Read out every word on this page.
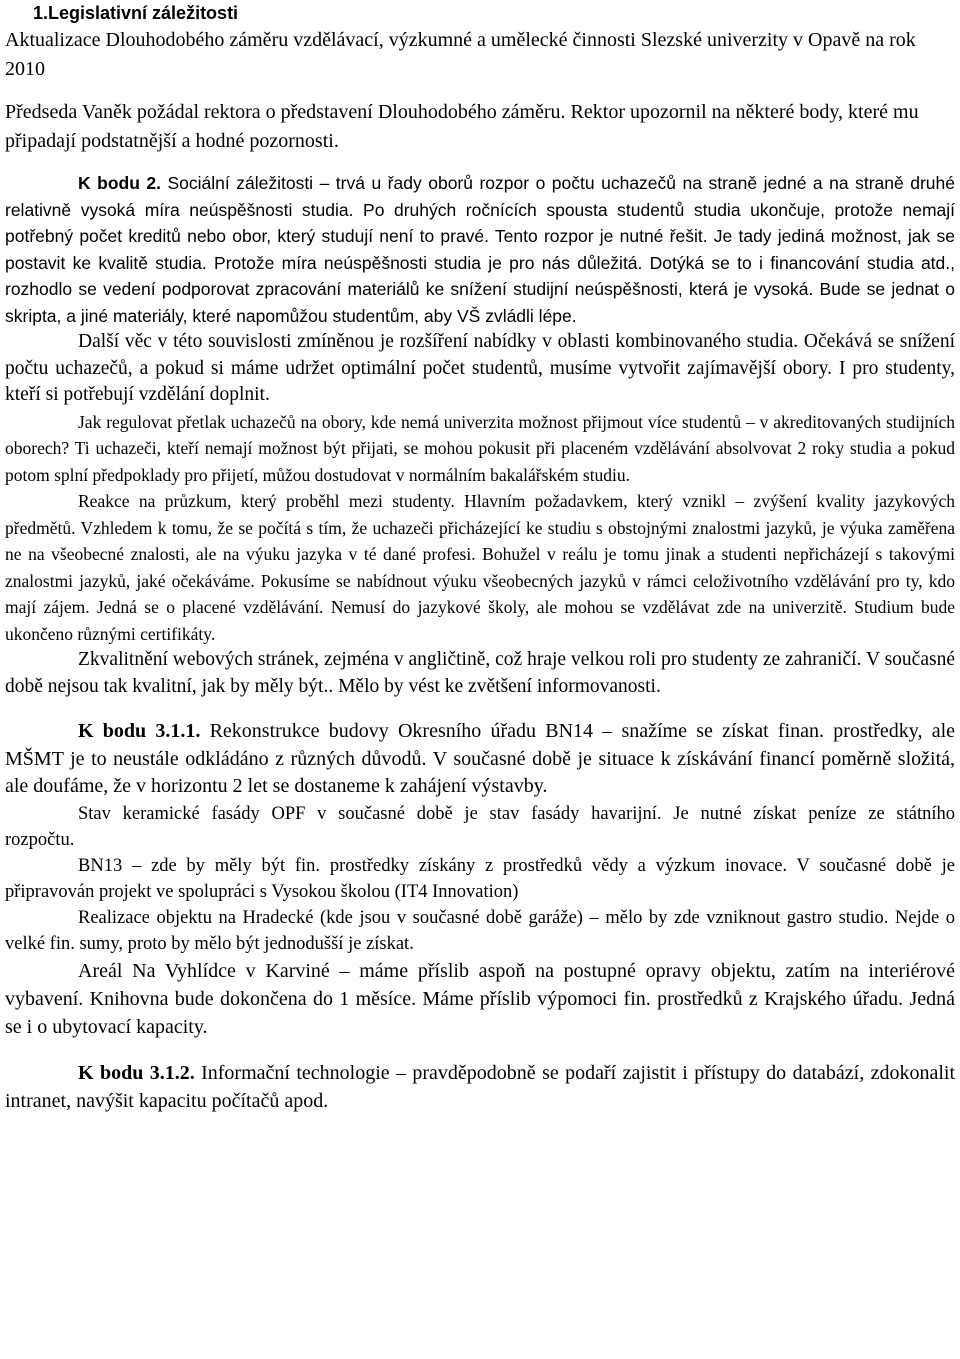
1.Legislativní záležitosti

Aktualizace Dlouhodobého záměru vzdělávací, výzkumné a umělecké činnosti Slezské univerzity v Opavě na rok 2010

Předseda Vaněk požádal rektora o představení Dlouhodobého záměru. Rektor upozornil na některé body, které mu připadají podstatnější a hodné pozornosti.

K bodu 2. Sociální záležitosti – trvá u řady oborů rozpor o počtu uchazečů na straně jedné a na straně druhé relativně vysoká míra neúspěšnosti studia. Po druhých ročnících spousta studentů studia ukončuje, protože nemají potřebný počet kreditů nebo obor, který studují není to pravé. Tento rozpor je nutné řešit. Je tady jediná možnost, jak se postavit ke kvalitě studia. Protože míra neúspěšnosti studia je pro nás důležitá. Dotýká se to i financování studia atd., rozhodlo se vedení podporovat zpracování materiálů ke snížení studijní neúspěšnosti, která je vysoká. Bude se jednat o skripta, a jiné materiály, které napomůžou studentům, aby VŠ zvládli lépe.

Další věc v této souvislosti zmíněnou je rozšíření nabídky v oblasti kombinovaného studia. Očekává se snížení počtu uchazečů, a pokud si máme udržet optimální počet studentů, musíme vytvořit zajímavější obory. I pro studenty, kteří si potřebují vzdělání doplnit.

Jak regulovat přetlak uchazečů na obory, kde nemá univerzita možnost přijmout více studentů – v akreditovaných studijních oborech? Ti uchazeči, kteří nemají možnost být přijati, se mohou pokusit při placeném vzdělávání absolvovat 2 roky studia a pokud potom splní předpoklady pro přijetí, můžou dostudovat v normálním bakalářském studiu.

Reakce na průzkum, který proběhl mezi studenty. Hlavním požadavkem, který vznikl – zvýšení kvality jazykových předmětů. Vzhledem k tomu, že se počítá s tím, že uchazeči přicházející ke studiu s obstojnými znalostmi jazyků, je výuka zaměřena ne na všeobecné znalosti, ale na výuku jazyka v té dané profesi. Bohužel v reálu je tomu jinak a studenti nepřicházejí s takovými znalostmi jazyků, jaké očekáváme. Pokusíme se nabídnout výuku všeobecných jazyků v rámci celoživotního vzdělávání pro ty, kdo mají zájem. Jedná se o placené vzdělávání. Nemusí do jazykové školy, ale mohou se vzdělávat zde na univerzitě. Studium bude ukončeno různými certifikáty.

Zkvalitnění webových stránek, zejména v angličtině, což hraje velkou roli pro studenty ze zahraničí. V současné době nejsou tak kvalitní, jak by měly být.. Mělo by vést ke zvětšení informovanosti.

K bodu 3.1.1. Rekonstrukce budovy Okresního úřadu BN14 – snažíme se získat finan. prostředky, ale MŠMT je to neustále odkládáno z různých důvodů. V současné době je situace k získávání financí poměrně složitá, ale doufáme, že v horizontu 2 let se dostaneme k zahájení výstavby.

Stav keramické fasády OPF v současné době je stav fasády havarijní. Je nutné získat peníze ze státního rozpočtu.

BN13 – zde by měly být fin. prostředky získány z prostředků vědy a výzkum inovace. V současné době je připravován projekt ve spolupráci s Vysokou školou (IT4 Innovation)

Realizace objektu na Hradecké (kde jsou v současné době garáže) – mělo by zde vzniknout gastro studio. Nejde o velké fin. sumy, proto by mělo být jednodušší je získat.

Areál Na Vyhlídce v Karviné – máme příslib aspoň na postupné opravy objektu, zatím na interiérové vybavení. Knihovna bude dokončena do 1 měsíce. Máme příslib výpomoci fin. prostředků z Krajského úřadu. Jedná se i o ubytovací kapacity.

K bodu 3.1.2. Informační technologie – pravděpodobně se podaří zajistit i přístupy do databází, zdokonalit intranet, navýšit kapacitu počítačů apod.
